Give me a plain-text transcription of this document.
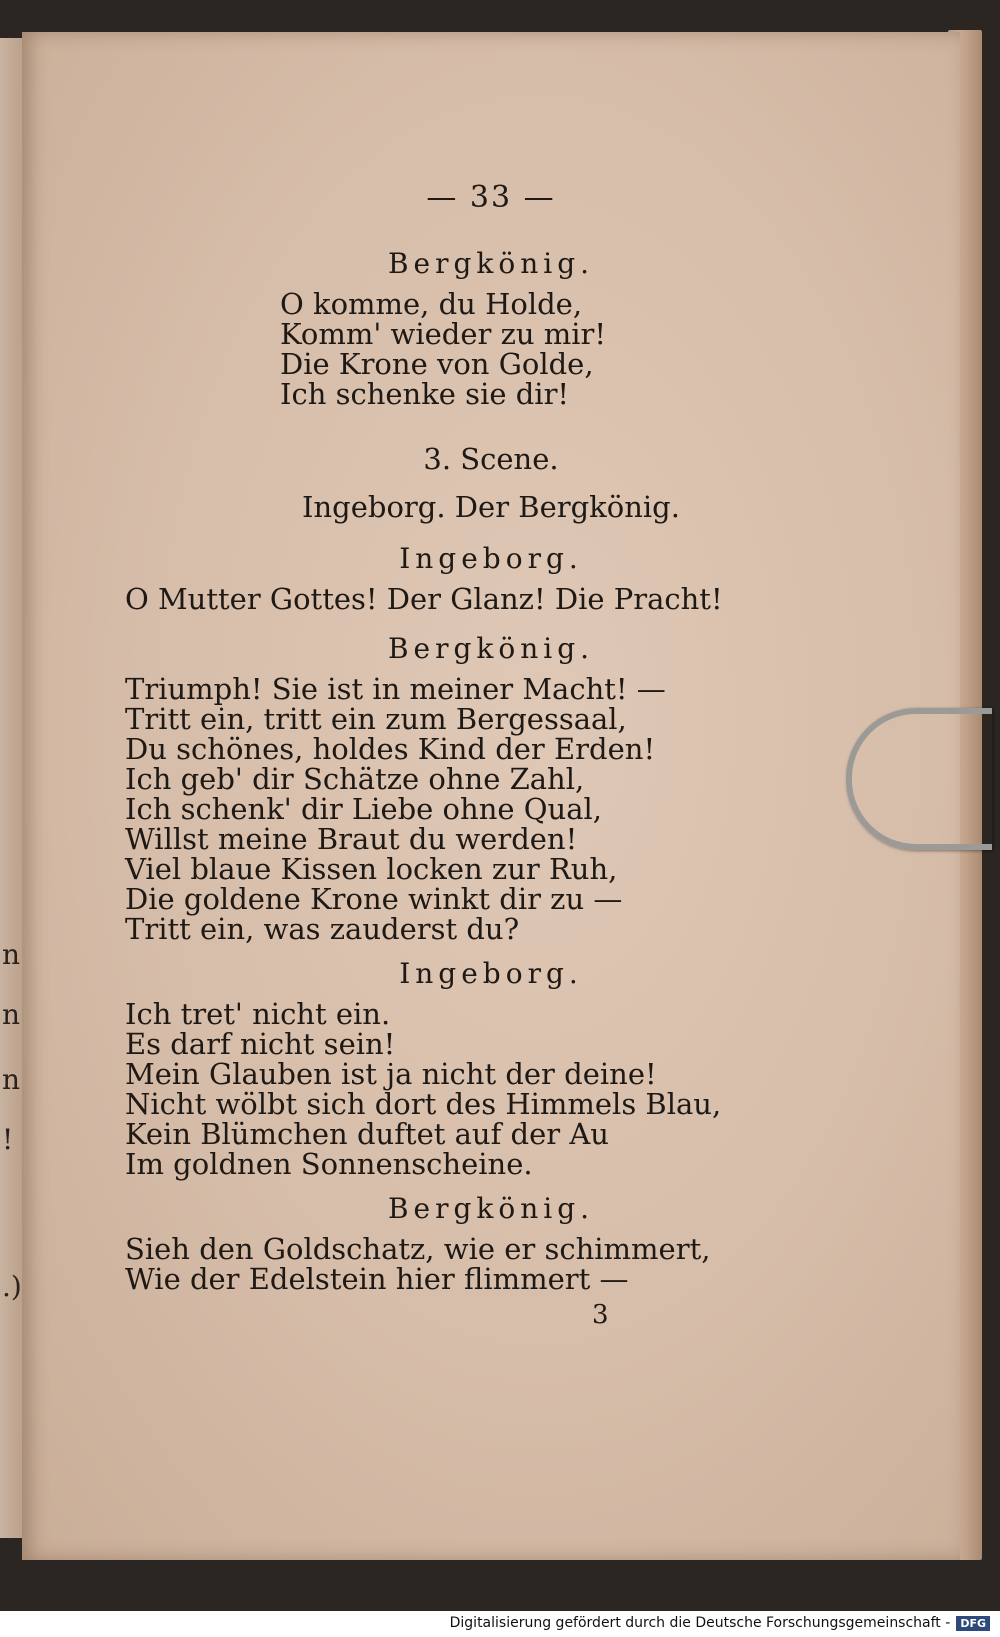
n
n
n
!
.)
— 33 —
Bergkönig.
O komme, du Holde,
Komm' wieder zu mir!
Die Krone von Golde,
Ich schenke sie dir!
3. Scene.
Ingeborg. Der Bergkönig.
Ingeborg.
O Mutter Gottes! Der Glanz! Die Pracht!
Bergkönig.
Triumph! Sie ist in meiner Macht! —
Tritt ein, tritt ein zum Bergessaal,
Du schönes, holdes Kind der Erden!
Ich geb' dir Schätze ohne Zahl,
Ich schenk' dir Liebe ohne Qual,
Willst meine Braut du werden!
Viel blaue Kissen locken zur Ruh,
Die goldene Krone winkt dir zu —
Tritt ein, was zauderst du?
Ingeborg.
Ich tret' nicht ein.
Es darf nicht sein!
Mein Glauben ist ja nicht der deine!
Nicht wölbt sich dort des Himmels Blau,
Kein Blümchen duftet auf der Au
Im goldnen Sonnenscheine.
Bergkönig.
Sieh den Goldschatz, wie er schimmert,
Wie der Edelstein hier flimmert —
3
Digitalisierung gefördert durch die Deutsche Forschungsgemeinschaft - DFG
